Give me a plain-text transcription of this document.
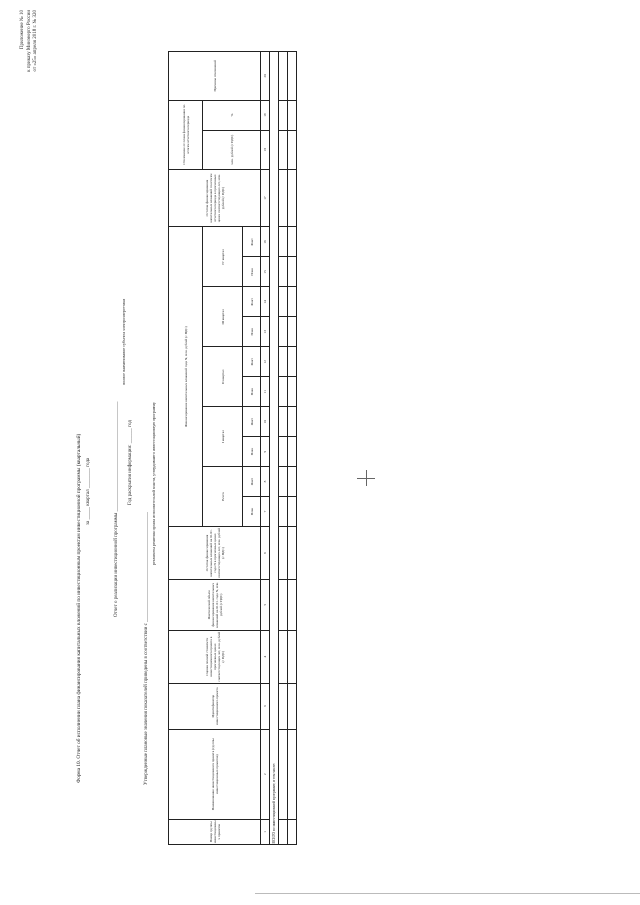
Приложение № 10 к приказу Минэнерго России от «25» апреля 2018 г. № 320
Форма 10. Отчет об исполнении плана финансирования капитальных вложений по инвестиционным проектам инвестиционной программы (квартальный) за _____ квартал ________ года	Отчет о реализации инвестиционной программы ____________________________________________
полное наименование субъекта электроэнергетики
Год раскрытия информации: ______ год
Утвержденные плановые значения показателей приведены в соответствии с ____________________________________________
реквизиты решения органа исполнительной власти, утвердившего инвестиционную программу
Номер группы инвестиционных проектов	Наименование инвестиционного проекта (группы инвестиционных проектов)	Идентификатор инвестиционного проекта	Оценка полной стоимости инвестиционного проекта в прогнозных ценах соответствующих лет, млн. рублей (с НДС)	Фактический объем финансирования капитальных вложений на 01.01. года N, млн. рублей (с НДС)	Остаток финансирования капитальных вложений на 01.01. года N в прогнозных ценах соответствующих лет, млн. рублей (с НДС)	Финансирование капитальных вложений года N, млн. рублей (с НДС)										Остаток финансирования капитальных вложений по итогам отчетного периода в прогнозных ценах соответствующих лет, млн. рублей (с НДС)	Отклонение от плана финансирования по итогам отчетного периода		Причины отклонений
						Всего		I квартал		II квартал		III квартал		IV квартал			млн. рублей (с НДС)	%	
						План	Факт	План	Факт	План	Факт	План	Факт	План	Факт				
1	2	3	4	5	6	7	8	9	10	11	12	13	14	15	16	17	18	19	20
ВСЕГО по инвестиционной программе, в том числе:																			
